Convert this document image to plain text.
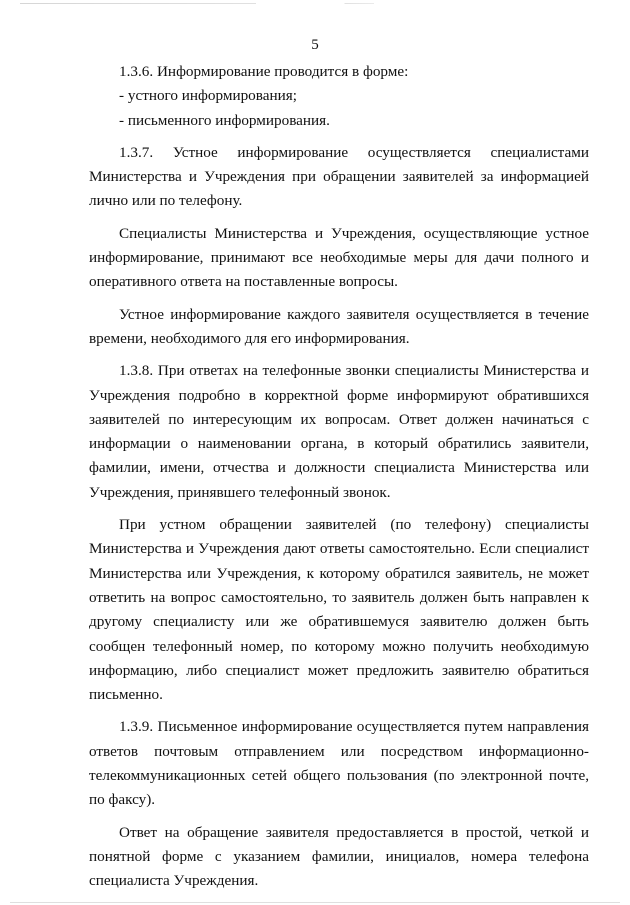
5

1.3.6. Информирование проводится в форме:

- устного информирования;

- письменного информирования.

1.3.7. Устное информирование осуществляется специалистами Министерства и Учреждения при обращении заявителей за информацией лично или по телефону.

Специалисты Министерства и Учреждения, осуществляющие устное информирование, принимают все необходимые меры для дачи полного и оперативного ответа на поставленные вопросы.

Устное информирование каждого заявителя осуществляется в течение времени, необходимого для его информирования.

1.3.8. При ответах на телефонные звонки специалисты Министерства и Учреждения подробно в корректной форме информируют обратившихся заявителей по интересующим их вопросам. Ответ должен начинаться с информации о наименовании органа, в который обратились заявители, фамилии, имени, отчества и должности специалиста Министерства или Учреждения, принявшего телефонный звонок.

При устном обращении заявителей (по телефону) специалисты Министерства и Учреждения дают ответы самостоятельно. Если специалист Министерства или Учреждения, к которому обратился заявитель, не может ответить на вопрос самостоятельно, то заявитель должен быть направлен к другому специалисту или же обратившемуся заявителю должен быть сообщен телефонный номер, по которому можно получить необходимую информацию, либо специалист может предложить заявителю обратиться письменно.

1.3.9. Письменное информирование осуществляется путем направления ответов почтовым отправлением или посредством информационно-телекоммуникационных сетей общего пользования (по электронной почте, по факсу).

Ответ на обращение заявителя предоставляется в простой, четкой и понятной форме с указанием фамилии, инициалов, номера телефона специалиста Учреждения.
